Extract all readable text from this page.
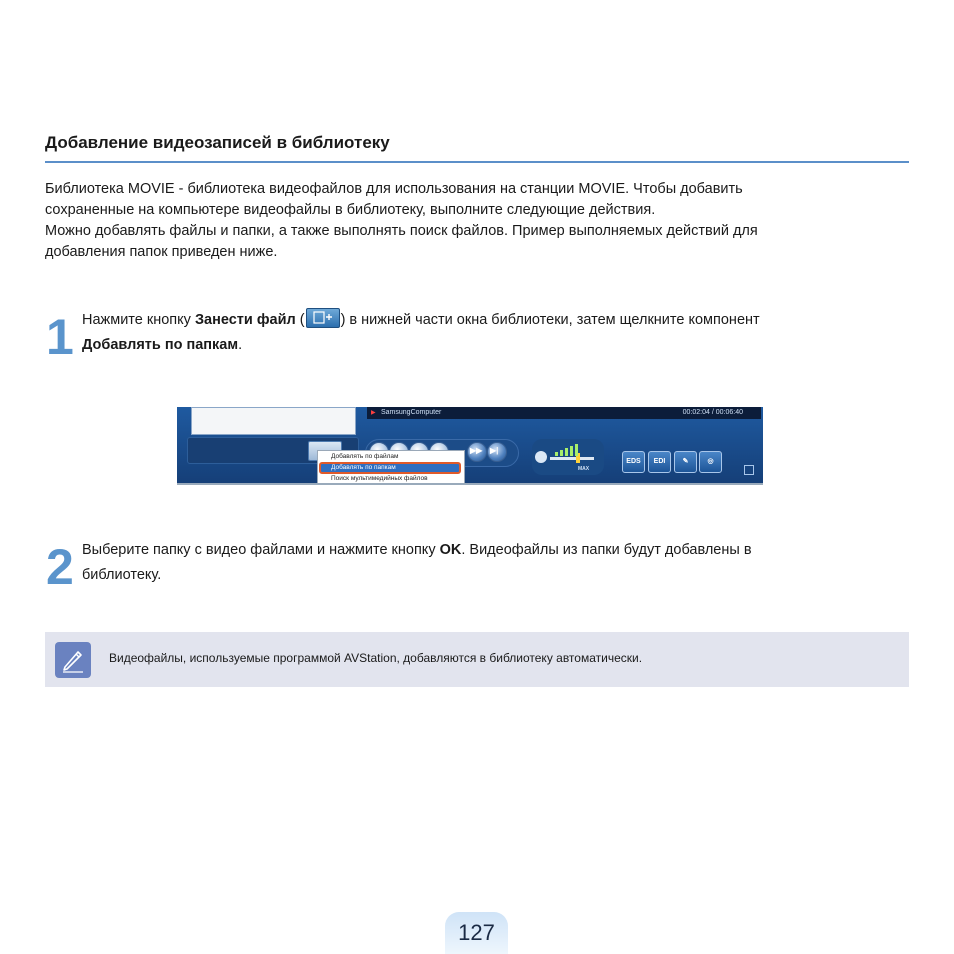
Добавление видеозаписей в библиотеку

Библиотека MOVIE - библиотека видеофайлов для использования на станции MOVIE. Чтобы добавить

сохраненные на компьютере видеофайлы в библиотеку, выполните следующие действия.

Можно добавлять файлы и папки, а также выполнять поиск файлов. Пример выполняемых действий для

добавления папок приведен ниже.

1 Нажмите кнопку Занести файл ( ) в нижней части окна библиотеки, затем щелкните компонент
Добавлять по папкам.
▶ SamsungComputer	00:02:04 / 00:06:40
▶▶ ▶|
MAX
EDS	EDI	✎	◎
Добавлять по файлам
Добавлять по папкам
Поиск мультимедийных файлов
2 Выберите папку с видео файлами и нажмите кнопку OK. Видеофайлы из папки будут добавлены в
библиотеку.
Видеофайлы, используемые программой AVStation, добавляются в библиотеку автоматически.
127
